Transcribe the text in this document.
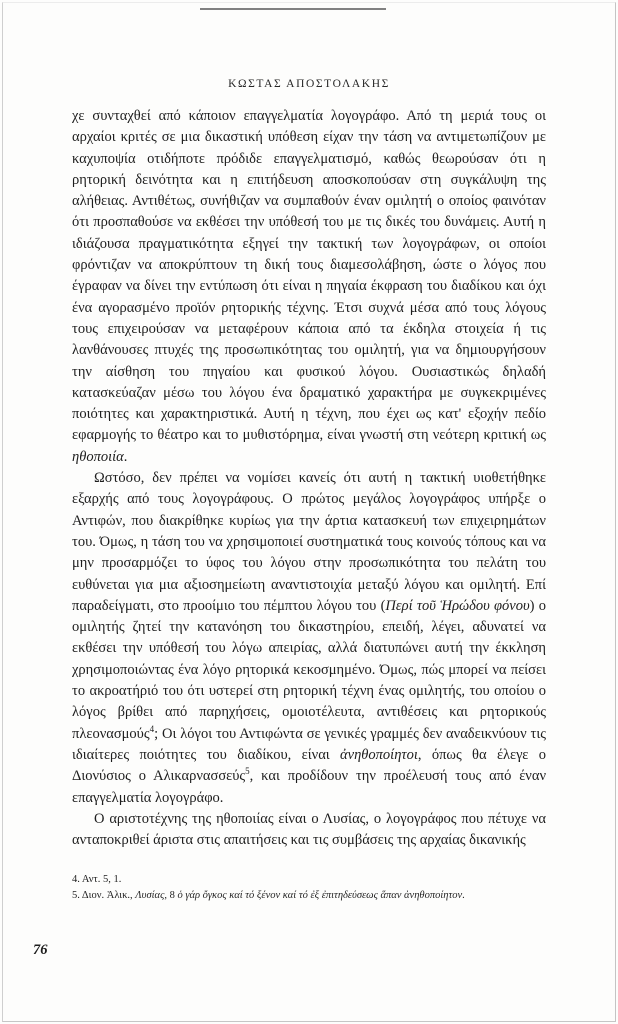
ΚΩΣΤΑΣ ΑΠΟΣΤΟΛΑΚΗΣ

χε συνταχθεί από κάποιον επαγγελματία λογογράφο. Από τη μεριά τους οι αρχαίοι κριτές σε μια δικαστική υπόθεση είχαν την τάση να αντιμετωπίζουν με καχυποψία οτιδήποτε πρόδιδε επαγγελματισμό, καθώς θεωρούσαν ότι η ρητορική δεινότητα και η επιτήδευση αποσκοπούσαν στη συγκάλυψη της αλήθειας. Αντιθέτως, συνήθιζαν να συμπαθούν έναν ομιλητή ο οποίος φαινόταν ότι προσπαθούσε να εκθέσει την υπόθεσή του με τις δικές του δυνάμεις. Αυτή η ιδιάζουσα πραγματικότητα εξηγεί την τακτική των λογογράφων, οι οποίοι φρόντιζαν να αποκρύπτουν τη δική τους διαμεσολάβηση, ώστε ο λόγος που έγραφαν να δίνει την εντύπωση ότι είναι η πηγαία έκφραση του διαδίκου και όχι ένα αγορασμένο προϊόν ρητορικής τέχνης. Έτσι συχνά μέσα από τους λόγους τους επιχειρούσαν να μεταφέρουν κάποια από τα έκδηλα στοιχεία ή τις λανθάνουσες πτυχές της προσωπικότητας του ομιλητή, για να δημιουργήσουν την αίσθηση του πηγαίου και φυσικού λόγου. Ουσιαστικώς δηλαδή κατασκεύαζαν μέσω του λόγου ένα δραματικό χαρακτήρα με συγκεκριμένες ποιότητες και χαρακτηριστικά. Αυτή η τέχνη, που έχει ως κατ' εξοχήν πεδίο εφαρμογής το θέατρο και το μυθιστόρημα, είναι γνωστή στη νεότερη κριτική ως ηθοποιία.

Ωστόσο, δεν πρέπει να νομίσει κανείς ότι αυτή η τακτική υιοθετήθηκε εξαρχής από τους λογογράφους. Ο πρώτος μεγάλος λογογράφος υπήρξε ο Αντιφών, που διακρίθηκε κυρίως για την άρτια κατασκευή των επιχειρημάτων του. Όμως, η τάση του να χρησιμοποιεί συστηματικά τους κοινούς τόπους και να μην προσαρμόζει το ύφος του λόγου στην προσωπικότητα του πελάτη του ευθύνεται για μια αξιοσημείωτη αναντιστοιχία μεταξύ λόγου και ομιλητή. Επί παραδείγματι, στο προοίμιο του πέμπτου λόγου του (Περί τοῦ Ἡρώδου φόνου) ο ομιλητής ζητεί την κατανόηση του δικαστηρίου, επειδή, λέγει, αδυνατεί να εκθέσει την υπόθεσή του λόγω απειρίας, αλλά διατυπώνει αυτή την έκκληση χρησιμοποιώντας ένα λόγο ρητορικά κεκοσμημένο. Όμως, πώς μπορεί να πείσει το ακροατήριό του ότι υστερεί στη ρητορική τέχνη ένας ομιλητής, του οποίου ο λόγος βρίθει από παρηχήσεις, ομοιοτέλευτα, αντιθέσεις και ρητορικούς πλεονασμούς$^4$; Οι λόγοι του Αντιφώντα σε γενικές γραμμές δεν αναδεικνύουν τις ιδιαίτερες ποιότητες του διαδίκου, είναι ἀνηθοποίητοι, όπως θα έλεγε ο Διονύσιος ο Αλικαρνασσεύς$^5$, και προδίδουν την προέλευσή τους από έναν επαγγελματία λογογράφο.

Ο αριστοτέχνης της ηθοποιίας είναι ο Λυσίας, ο λογογράφος που πέτυχε να ανταποκριθεί άριστα στις απαιτήσεις και τις συμβάσεις της αρχαίας δικανικής

4. Αντ. 5, 1.

5. Διον. Ἁλικ., Λυσίας, 8 ὁ γάρ ὄγκος καί τό ξένον καί τό ἐξ ἐπιτηδεύσεως ἅπαν ἀνηθοποίητον.

76
